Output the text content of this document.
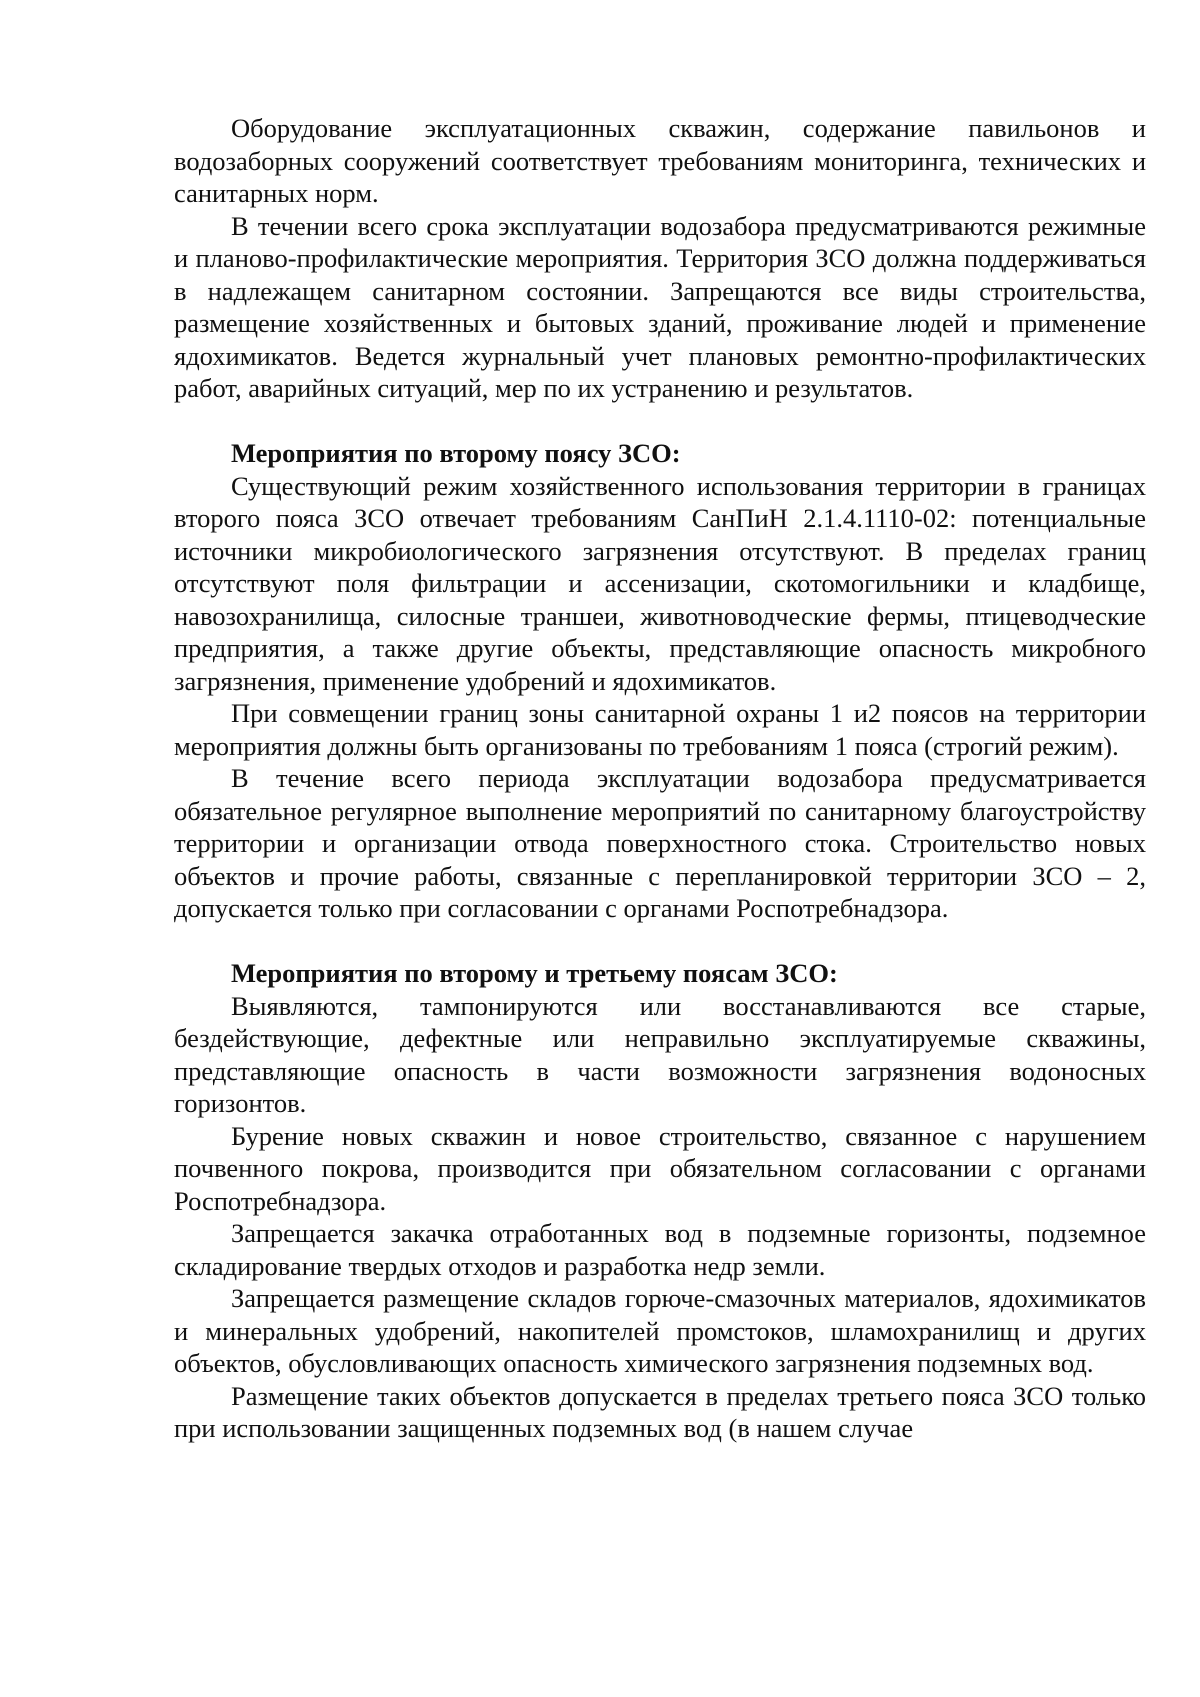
Оборудование эксплуатационных скважин, содержание павильонов и водозаборных сооружений соответствует требованиям мониторинга, технических и санитарных норм.

В течении всего срока эксплуатации водозабора предусматриваются режимные и планово-профилактические мероприятия. Территория ЗСО должна поддерживаться в надлежащем санитарном состоянии. Запрещаются все виды строительства, размещение хозяйственных и бытовых зданий, проживание людей и применение ядохимикатов. Ведется журнальный учет плановых ремонтно-профилактических работ, аварийных ситуаций, мер по их устранению и результатов.

Мероприятия по второму поясу ЗСО:

Существующий режим хозяйственного использования территории в границах второго пояса ЗСО отвечает требованиям СанПиН 2.1.4.1110-02: потенциальные источники микробиологического загрязнения отсутствуют. В пределах границ отсутствуют поля фильтрации и ассенизации, скотомогильники и кладбище, навозохранилища, силосные траншеи, животноводческие фермы, птицеводческие предприятия, а также другие объекты, представляющие опасность микробного загрязнения, применение удобрений и ядохимикатов.

При совмещении границ зоны санитарной охраны 1 и2 поясов на территории мероприятия должны быть организованы по требованиям 1 пояса (строгий режим).

В течение всего периода эксплуатации водозабора предусматривается обязательное регулярное выполнение мероприятий по санитарному благоустройству территории и организации отвода поверхностного стока. Строительство новых объектов и прочие работы, связанные с перепланировкой территории ЗСО – 2, допускается только при согласовании с органами Роспотребнадзора.

Мероприятия по второму и третьему поясам ЗСО:

Выявляются, тампонируются или восстанавливаются все старые, бездействующие, дефектные или неправильно эксплуатируемые скважины, представляющие опасность в части возможности загрязнения водоносных горизонтов.

Бурение новых скважин и новое строительство, связанное с нарушением почвенного покрова, производится при обязательном согласовании с органами Роспотребнадзора.

Запрещается закачка отработанных вод в подземные горизонты, подземное складирование твердых отходов и разработка недр земли.

Запрещается размещение складов горюче-смазочных материалов, ядохимикатов и минеральных удобрений, накопителей промстоков, шламохранилищ и других объектов, обусловливающих опасность химического загрязнения подземных вод.

Размещение таких объектов допускается в пределах третьего пояса ЗСО только при использовании защищенных подземных вод (в нашем случае
